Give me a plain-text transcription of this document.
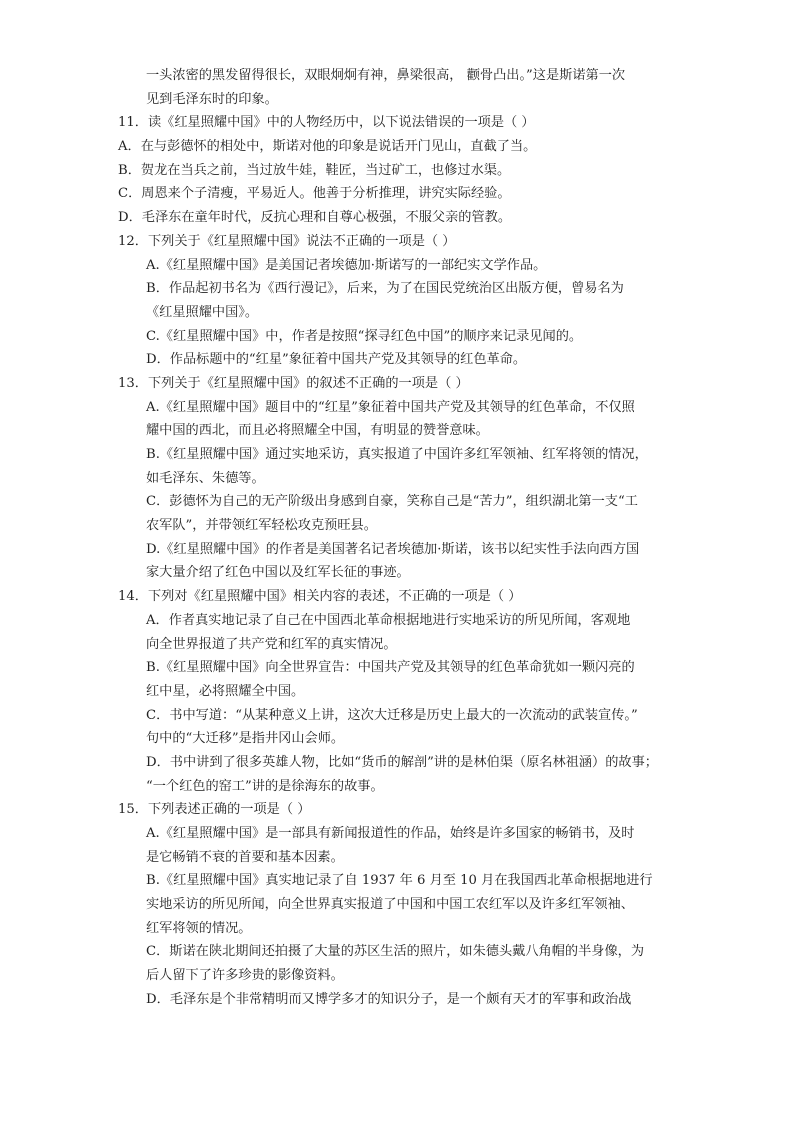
一头浓密的黑发留得很长，双眼炯炯有神，鼻梁很高， 颧骨凸出。”这是斯诺第一次
见到毛泽东时的印象。
11．读《红星照耀中国》中的人物经历中，以下说法错误的一项是（ ）
A．在与彭德怀的相处中，斯诺对他的印象是说话开门见山，直截了当。
B．贺龙在当兵之前，当过放牛娃，鞋匠，当过矿工，也修过水渠。
C．周恩来个子清瘦，平易近人。他善于分析推理，讲究实际经验。
D．毛泽东在童年时代，反抗心理和自尊心极强，不服父亲的管教。
12．下列关于《红星照耀中国》说法不正确的一项是（ ）
A.《红星照耀中国》是美国记者埃德加·斯诺写的一部纪实文学作品。
B．作品起初书名为《西行漫记》，后来，为了在国民党统治区出版方便，曾易名为
《红星照耀中国》。
C.《红星照耀中国》中，作者是按照“探寻红色中国”的顺序来记录见闻的。
D．作品标题中的“红星”象征着中国共产党及其领导的红色革命。
13．下列关于《红星照耀中国》的叙述不正确的一项是（ ）
A.《红星照耀中国》题目中的“红星”象征着中国共产党及其领导的红色革命，不仅照
耀中国的西北，而且必将照耀全中国，有明显的赞誉意味。
B.《红星照耀中国》通过实地采访，真实报道了中国许多红军领袖、红军将领的情况，
如毛泽东、朱德等。
C．彭德怀为自己的无产阶级出身感到自豪，笑称自己是“苦力”，组织湖北第一支“工
农军队”，并带领红军轻松攻克预旺县。
D.《红星照耀中国》的作者是美国著名记者埃德加·斯诺，该书以纪实性手法向西方国
家大量介绍了红色中国以及红军长征的事迹。
14．下列对《红星照耀中国》相关内容的表述，不正确的一项是（ ）
A．作者真实地记录了自己在中国西北革命根据地进行实地采访的所见所闻，客观地
向全世界报道了共产党和红军的真实情况。
B.《红星照耀中国》向全世界宣告：中国共产党及其领导的红色革命犹如一颗闪亮的
红中星，必将照耀全中国。
C．书中写道：“从某种意义上讲，这次大迁移是历史上最大的一次流动的武装宣传。”
句中的“大迁移”是指井冈山会师。
D．书中讲到了很多英雄人物，比如“货币的解剖”讲的是林伯渠（原名林祖涵）的故事；
“一个红色的窑工”讲的是徐海东的故事。
15．下列表述正确的一项是（ ）
A.《红星照耀中国》是一部具有新闻报道性的作品，始终是许多国家的畅销书，及时
是它畅销不衰的首要和基本因素。
B.《红星照耀中国》真实地记录了自 1937 年 6 月至 10 月在我国西北革命根据地进行
实地采访的所见所闻，向全世界真实报道了中国和中国工农红军以及许多红军领袖、
红军将领的情况。
C．斯诺在陕北期间还拍摄了大量的苏区生活的照片，如朱德头戴八角帽的半身像，为
后人留下了许多珍贵的影像资料。
D．毛泽东是个非常精明而又博学多才的知识分子，是一个颇有天才的军事和政治战
